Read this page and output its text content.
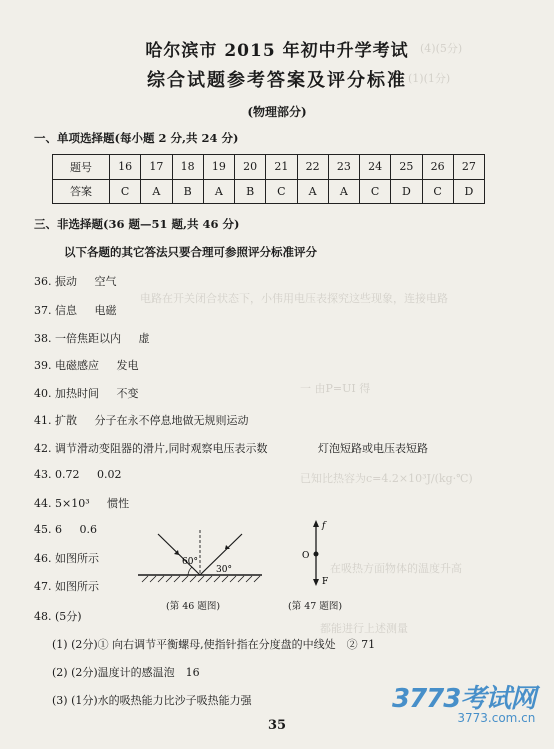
(4)(5分)
(1)(1分)
电路在开关闭合状态下，小伟用电压表探究这些现象，连接电路
一 由P=UI 得
已知比热容为c=4.2×10³J/(kg·℃)
在吸热方面物体的温度升高
都能进行上述测量
哈尔滨市 2015 年初中升学考试
综合试题参考答案及评分标准
(物理部分)
一、单项选择题(每小题 2 分,共 24 分)
题号	16	17	18	19	20	21	22	23	24	25	26	27
答案	C	A	B	A	B	C	A	A	C	D	C	D
三、非选择题(36 题—51 题,共 46 分)
以下各题的其它答法只要合理可参照评分标准评分
36. 振动 空气
37. 信息 电磁
38. 一倍焦距以内 虚
39. 电磁感应 发电
40. 加热时间 不变
41. 扩散 分子在永不停息地做无规则运动
42. 调节滑动变阻器的滑片,同时观察电压表示数	灯泡短路或电压表短路
43. 0.72 0.02
44. 5×10³ 惯性
45. 6 0.6
46. 如图所示
47. 如图所示
60°
30°
(第 46 题图)
f
O
F
(第 47 题图)
48. (5分)
(1) (2分)① 向右调节平衡螺母,使指针指在分度盘的中线处　② 71
(2) (2分)温度计的感温泡　16
(3) (1分)水的吸热能力比沙子吸热能力强
35
3773考试网
3773.com.cn
